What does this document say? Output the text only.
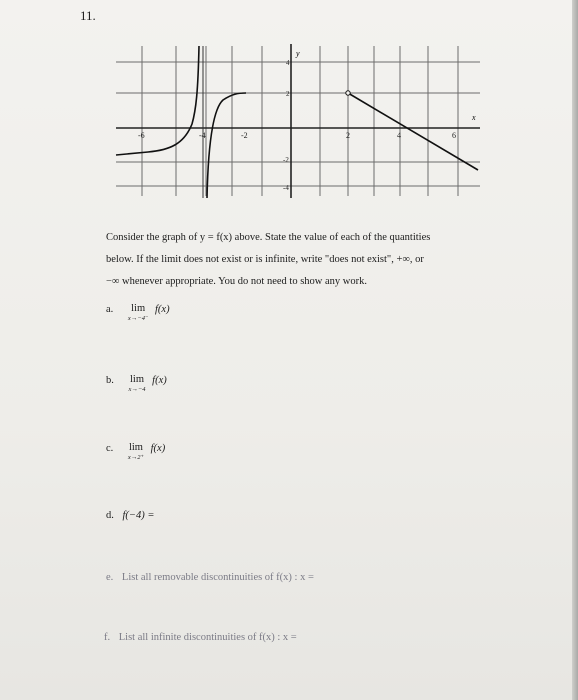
11.
y
x
-6	-4	-2	2	4	6
4
2
-2
-4
Consider the graph of y = f(x) above. State the value of each of the quantities
below. If the limit does not exist or is infinite, write "does not exist", +∞, or
−∞ whenever appropriate. You do not need to show any work.
a.	lim
x→−4⁻
f(x)
b. lim
x→−4
f(x)
c. lim
x→2⁺
f(x)
d. f(−4) =
e. List all removable discontinuities of f(x) : x =
f. List all infinite discontinuities of f(x) : x =
